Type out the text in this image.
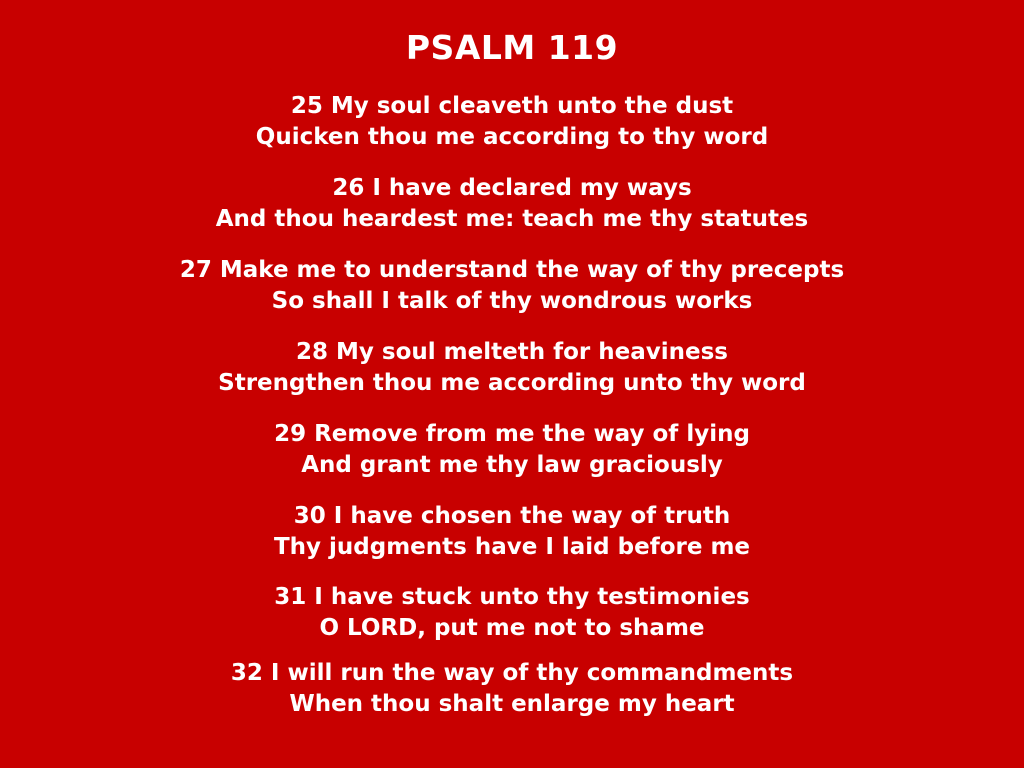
PSALM 119
25 My soul cleaveth unto the dust
Quicken thou me according to thy word
26 I have declared my ways
And thou heardest me: teach me thy statutes
27 Make me to understand the way of thy precepts
So shall I talk of thy wondrous works
28 My soul melteth for heaviness
Strengthen thou me according unto thy word
29 Remove from me the way of lying
And grant me thy law graciously
30 I have chosen the way of truth
Thy judgments have I laid before me
31 I have stuck unto thy testimonies
O LORD, put me not to shame
32 I will run the way of thy commandments
When thou shalt enlarge my heart
